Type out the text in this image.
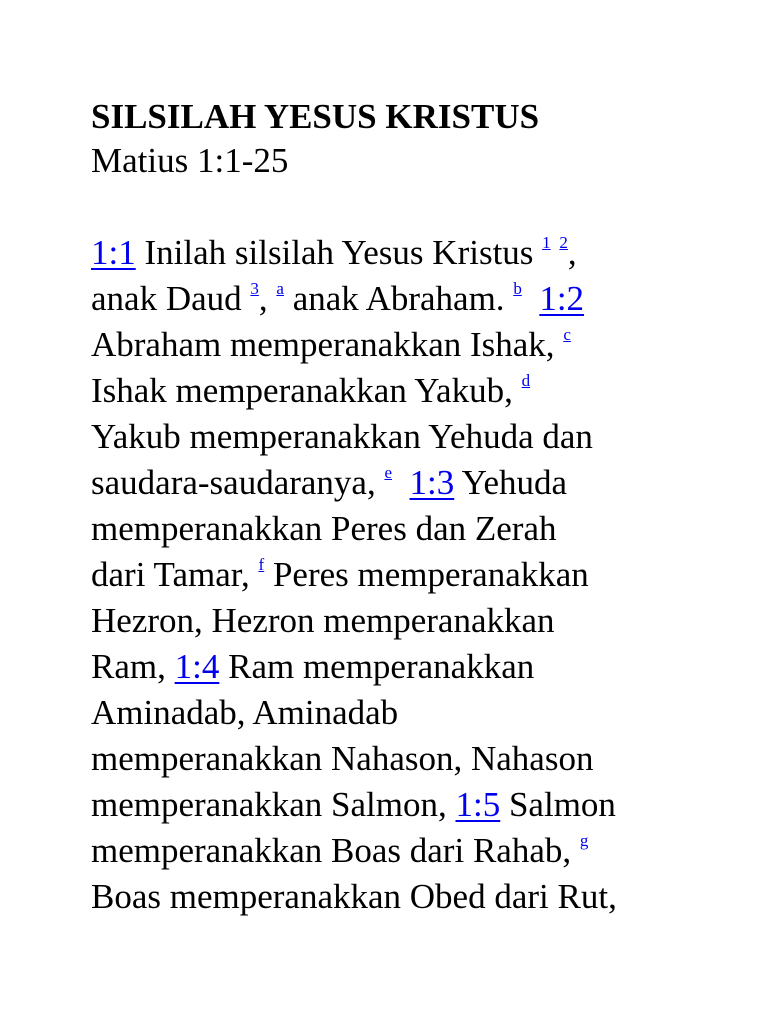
SILSILAH YESUS KRISTUS

Matius 1:1-25

1:1 Inilah silsilah Yesus Kristus $^1$ $^2$,
anak Daud $^3$, $^a$ anak Abraham. $^b$ 1:2
Abraham memperanakkan Ishak, $^c$
Ishak memperanakkan Yakub, $^d$
Yakub memperanakkan Yehuda dan
saudara-saudaranya, $^e$ 1:3 Yehuda
memperanakkan Peres dan Zerah
dari Tamar, $^f$ Peres memperanakkan
Hezron, Hezron memperanakkan
Ram, 1:4 Ram memperanakkan
Aminadab, Aminadab
memperanakkan Nahason, Nahason
memperanakkan Salmon, 1:5 Salmon
memperanakkan Boas dari Rahab, $^g$
Boas memperanakkan Obed dari Rut,
